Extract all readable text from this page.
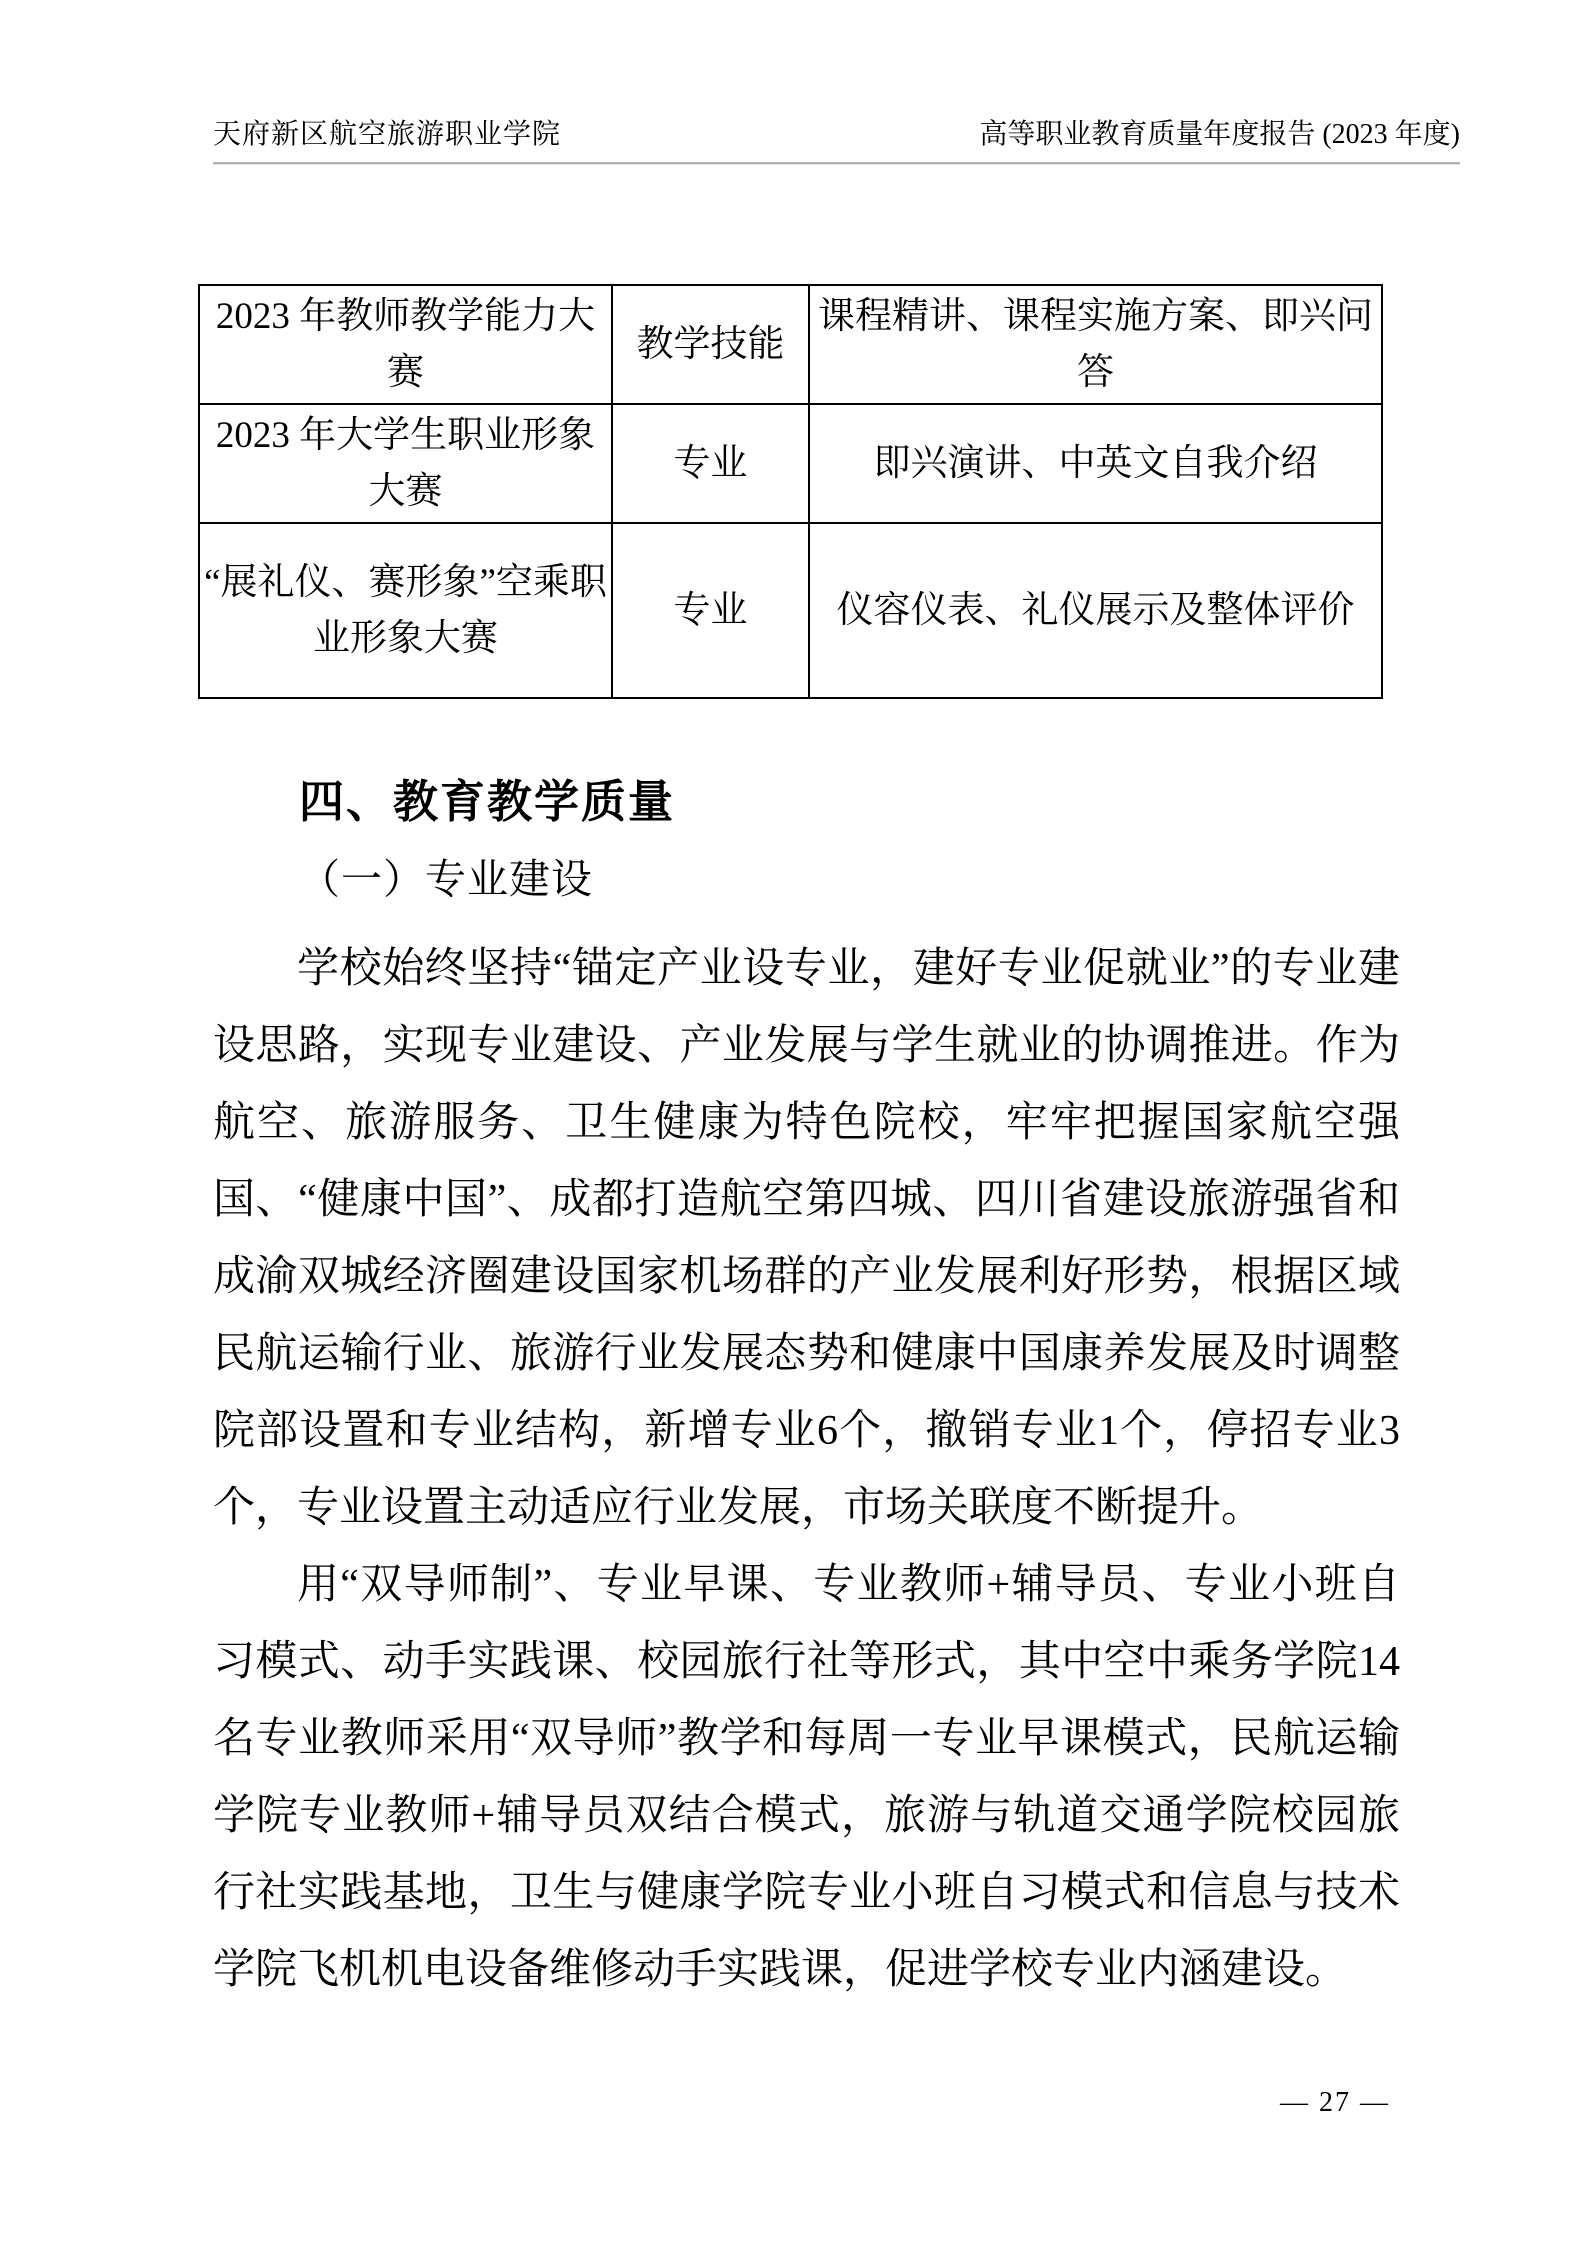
天府新区航空旅游职业学院	高等职业教育质量年度报告 (2023 年度)
2023 年教师教学能力大赛	教学技能	课程精讲、课程实施方案、即兴问答
2023 年大学生职业形象大赛	专业	即兴演讲、中英文自我介绍
“展礼仪、赛形象”空乘职业形象大赛	专业	仪容仪表、礼仪展示及整体评价
四、教育教学质量
（一）专业建设

学校始终坚持“锚定产业设专业，建好专业促就业”的专业建设思路，实现专业建设、产业发展与学生就业的协调推进。作为航空、旅游服务、卫生健康为特色院校，牢牢把握国家航空强国、“健康中国”、成都打造航空第四城、四川省建设旅游强省和成渝双城经济圈建设国家机场群的产业发展利好形势，根据区域民航运输行业、旅游行业发展态势和健康中国康养发展及时调整院部设置和专业结构，新增专业6个，撤销专业1个，停招专业3个，专业设置主动适应行业发展，市场关联度不断提升。

用“双导师制”、专业早课、专业教师+辅导员、专业小班自习模式、动手实践课、校园旅行社等形式，其中空中乘务学院14名专业教师采用“双导师”教学和每周一专业早课模式，民航运输学院专业教师+辅导员双结合模式，旅游与轨道交通学院校园旅行社实践基地，卫生与健康学院专业小班自习模式和信息与技术学院飞机机电设备维修动手实践课，促进学校专业内涵建设。

— 27 —
